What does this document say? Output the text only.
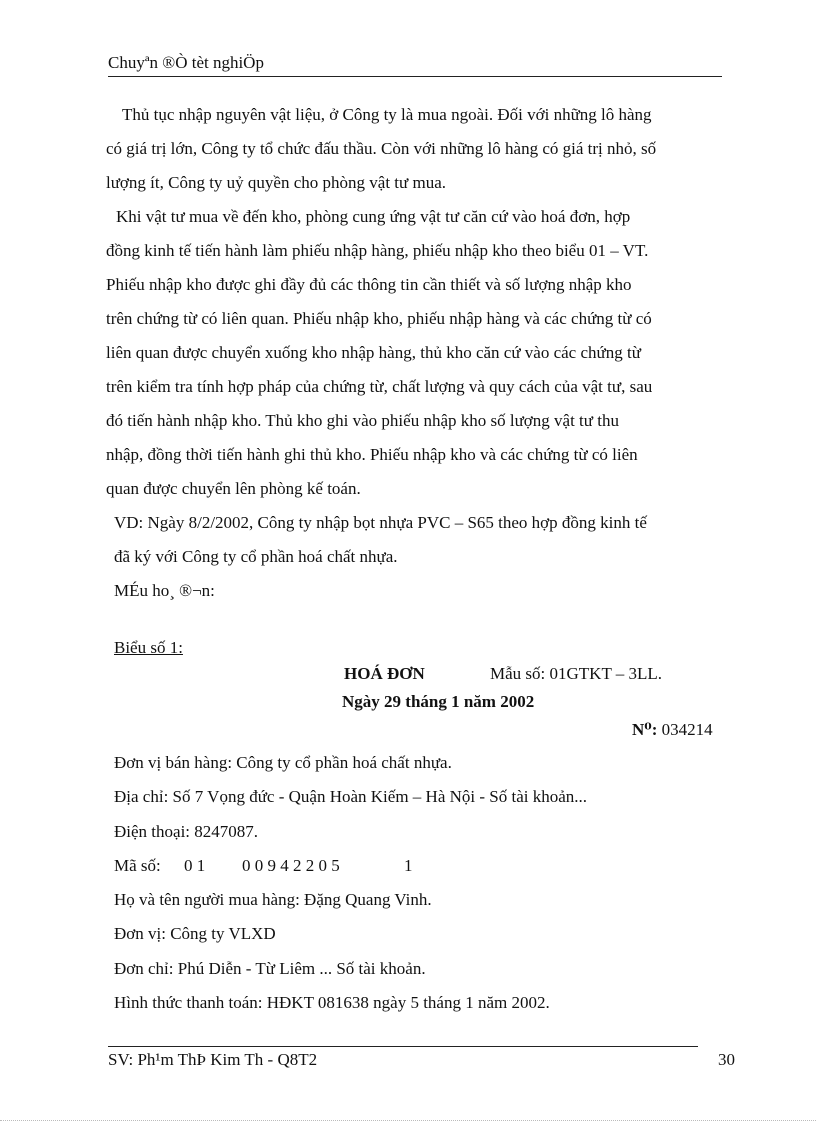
Chuyªn ®Ò tèt nghiÖp

Thủ tục nhập nguyên vật liệu, ở Công ty là mua ngoài. Đối với những lô hàng
có giá trị lớn, Công ty tổ chức đấu thầu. Còn với những lô hàng có giá trị nhỏ, số
lượng ít, Công ty uỷ quyền cho phòng vật tư mua.

Khi vật tư mua về đến kho, phòng cung ứng vật tư căn cứ vào hoá đơn, hợp
đồng kinh tế tiến hành làm phiếu nhập hàng, phiếu nhập kho theo biểu 01 – VT.
Phiếu nhập kho được ghi đầy đủ các thông tin cần thiết và số lượng nhập kho
trên chứng từ có liên quan. Phiếu nhập kho, phiếu nhập hàng và các chứng từ có
liên quan được chuyển xuống kho nhập hàng, thủ kho căn cứ vào các chứng từ
trên kiểm tra tính hợp pháp của chứng từ, chất lượng và quy cách của vật tư, sau
đó tiến hành nhập kho. Thủ kho ghi vào phiếu nhập kho số lượng vật tư thu
nhập, đồng thời tiến hành ghi thủ kho. Phiếu nhập kho và các chứng từ có liên
quan được chuyển lên phòng kế toán.

VD: Ngày 8/2/2002, Công ty nhập bọt nhựa PVC – S65 theo hợp đồng kinh tế
đã ký với Công ty cổ phần hoá chất nhựa.

MÉu ho¸ ®¬n:

Biểu số 1:
HOÁ ĐƠN	Mẫu số: 01GTKT – 3LL.
Ngày 29 tháng 1 năm 2002
N⁰: 034214
Đơn vị bán hàng: Công ty cổ phần hoá chất nhựa.
Địa chỉ: Số 7 Vọng đức - Quận Hoàn Kiếm – Hà Nội - Số tài khoản...
Điện thoại: 8247087.
Mã số: 0 1 0 0 9 4 2 2 0 5	1
Họ và tên người mua hàng: Đặng Quang Vinh.
Đơn vị: Công ty VLXD
Đơn chỉ: Phú Diễn - Từ Liêm ... Số tài khoản.
Hình thức thanh toán: HĐKT 081638 ngày 5 tháng 1 năm 2002.
SV: Ph¹m ThÞ Kim Th - Q8T2	30
